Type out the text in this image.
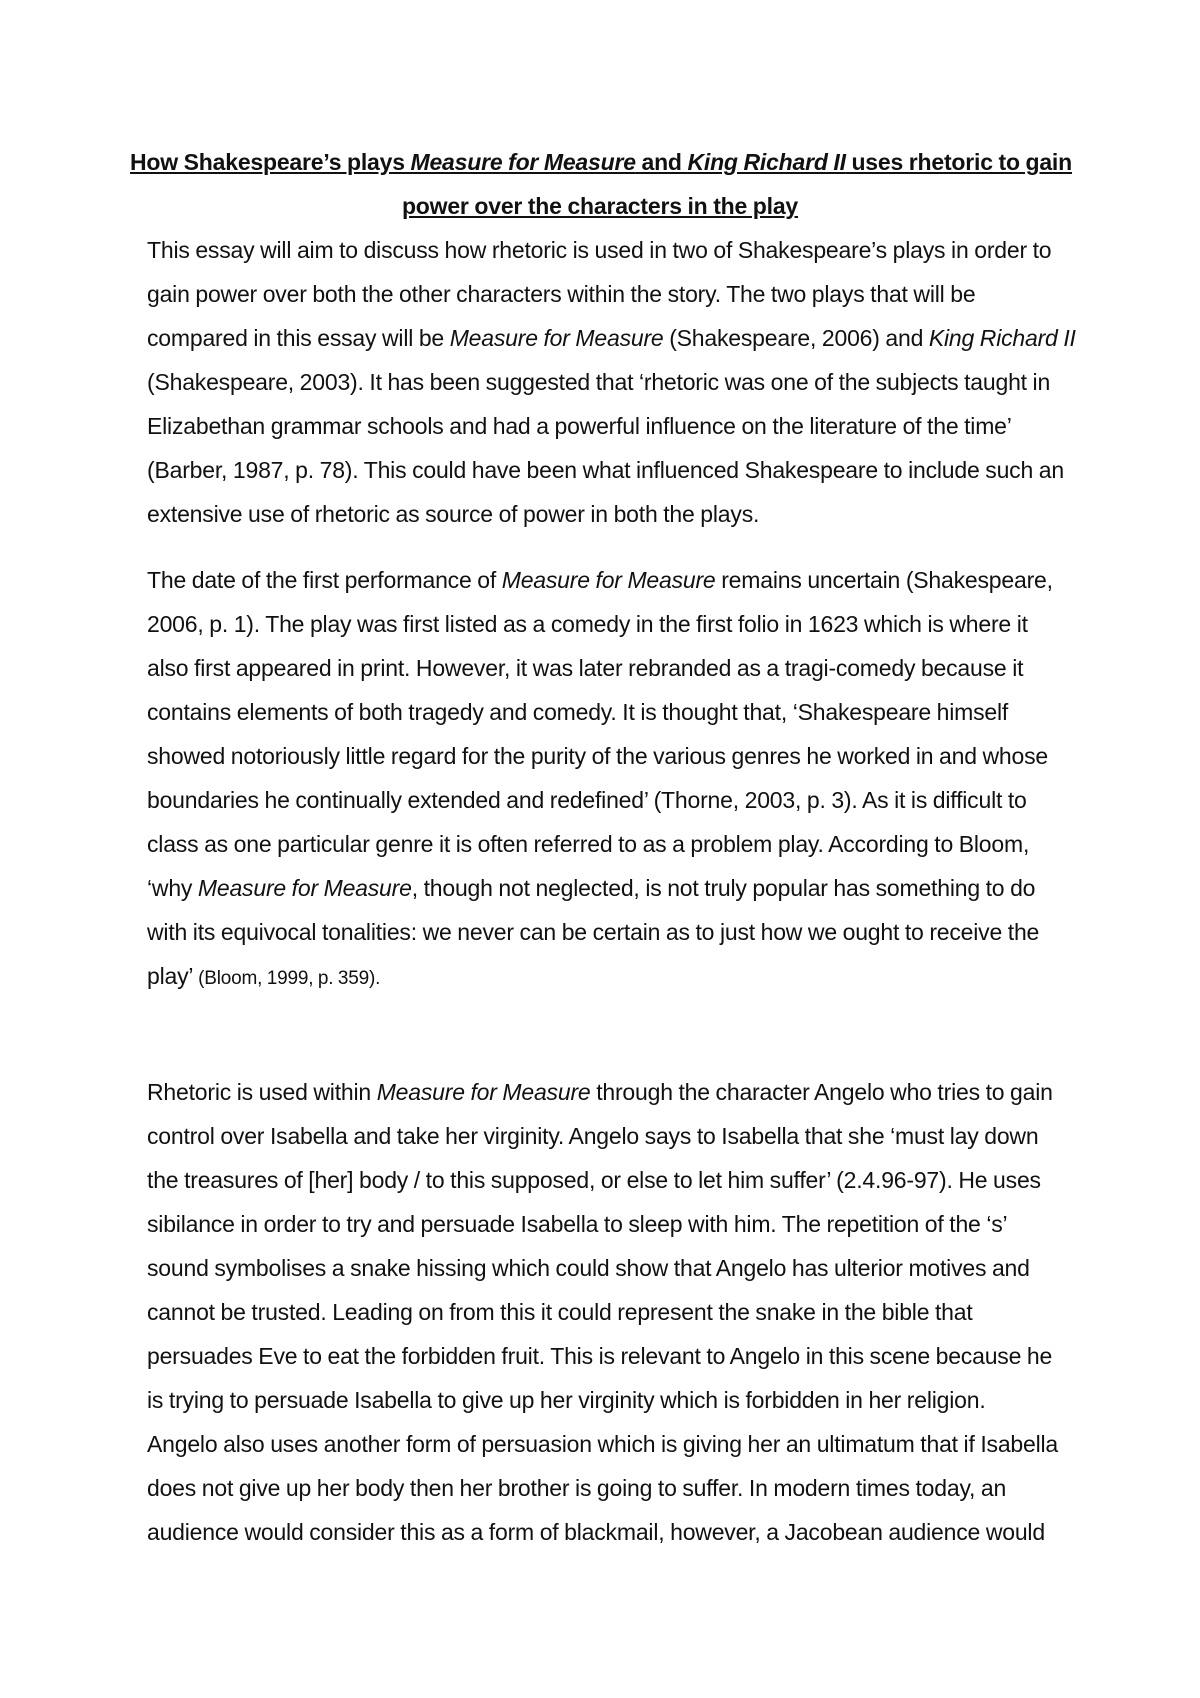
How Shakespeare’s plays Measure for Measure and King Richard II uses rhetoric to gain
power over the characters in the play
This essay will aim to discuss how rhetoric is used in two of Shakespeare’s plays in order to
gain power over both the other characters within the story. The two plays that will be
compared in this essay will be Measure for Measure (Shakespeare, 2006) and King Richard II
(Shakespeare, 2003). It has been suggested that ‘rhetoric was one of the subjects taught in
Elizabethan grammar schools and had a powerful influence on the literature of the time’
(Barber, 1987, p. 78). This could have been what influenced Shakespeare to include such an
extensive use of rhetoric as source of power in both the plays.
The date of the first performance of Measure for Measure remains uncertain (Shakespeare,
2006, p. 1). The play was first listed as a comedy in the first folio in 1623 which is where it
also first appeared in print. However, it was later rebranded as a tragi-comedy because it
contains elements of both tragedy and comedy. It is thought that, ‘Shakespeare himself
showed notoriously little regard for the purity of the various genres he worked in and whose
boundaries he continually extended and redefined’ (Thorne, 2003, p. 3). As it is difficult to
class as one particular genre it is often referred to as a problem play. According to Bloom,
‘why Measure for Measure, though not neglected, is not truly popular has something to do
with its equivocal tonalities: we never can be certain as to just how we ought to receive the
play’ (Bloom, 1999, p. 359).
Rhetoric is used within Measure for Measure through the character Angelo who tries to gain
control over Isabella and take her virginity. Angelo says to Isabella that she ‘must lay down
the treasures of [her] body / to this supposed, or else to let him suffer’ (2.4.96-97). He uses
sibilance in order to try and persuade Isabella to sleep with him. The repetition of the ‘s’
sound symbolises a snake hissing which could show that Angelo has ulterior motives and
cannot be trusted. Leading on from this it could represent the snake in the bible that
persuades Eve to eat the forbidden fruit. This is relevant to Angelo in this scene because he
is trying to persuade Isabella to give up her virginity which is forbidden in her religion.
Angelo also uses another form of persuasion which is giving her an ultimatum that if Isabella
does not give up her body then her brother is going to suffer. In modern times today, an
audience would consider this as a form of blackmail, however, a Jacobean audience would
